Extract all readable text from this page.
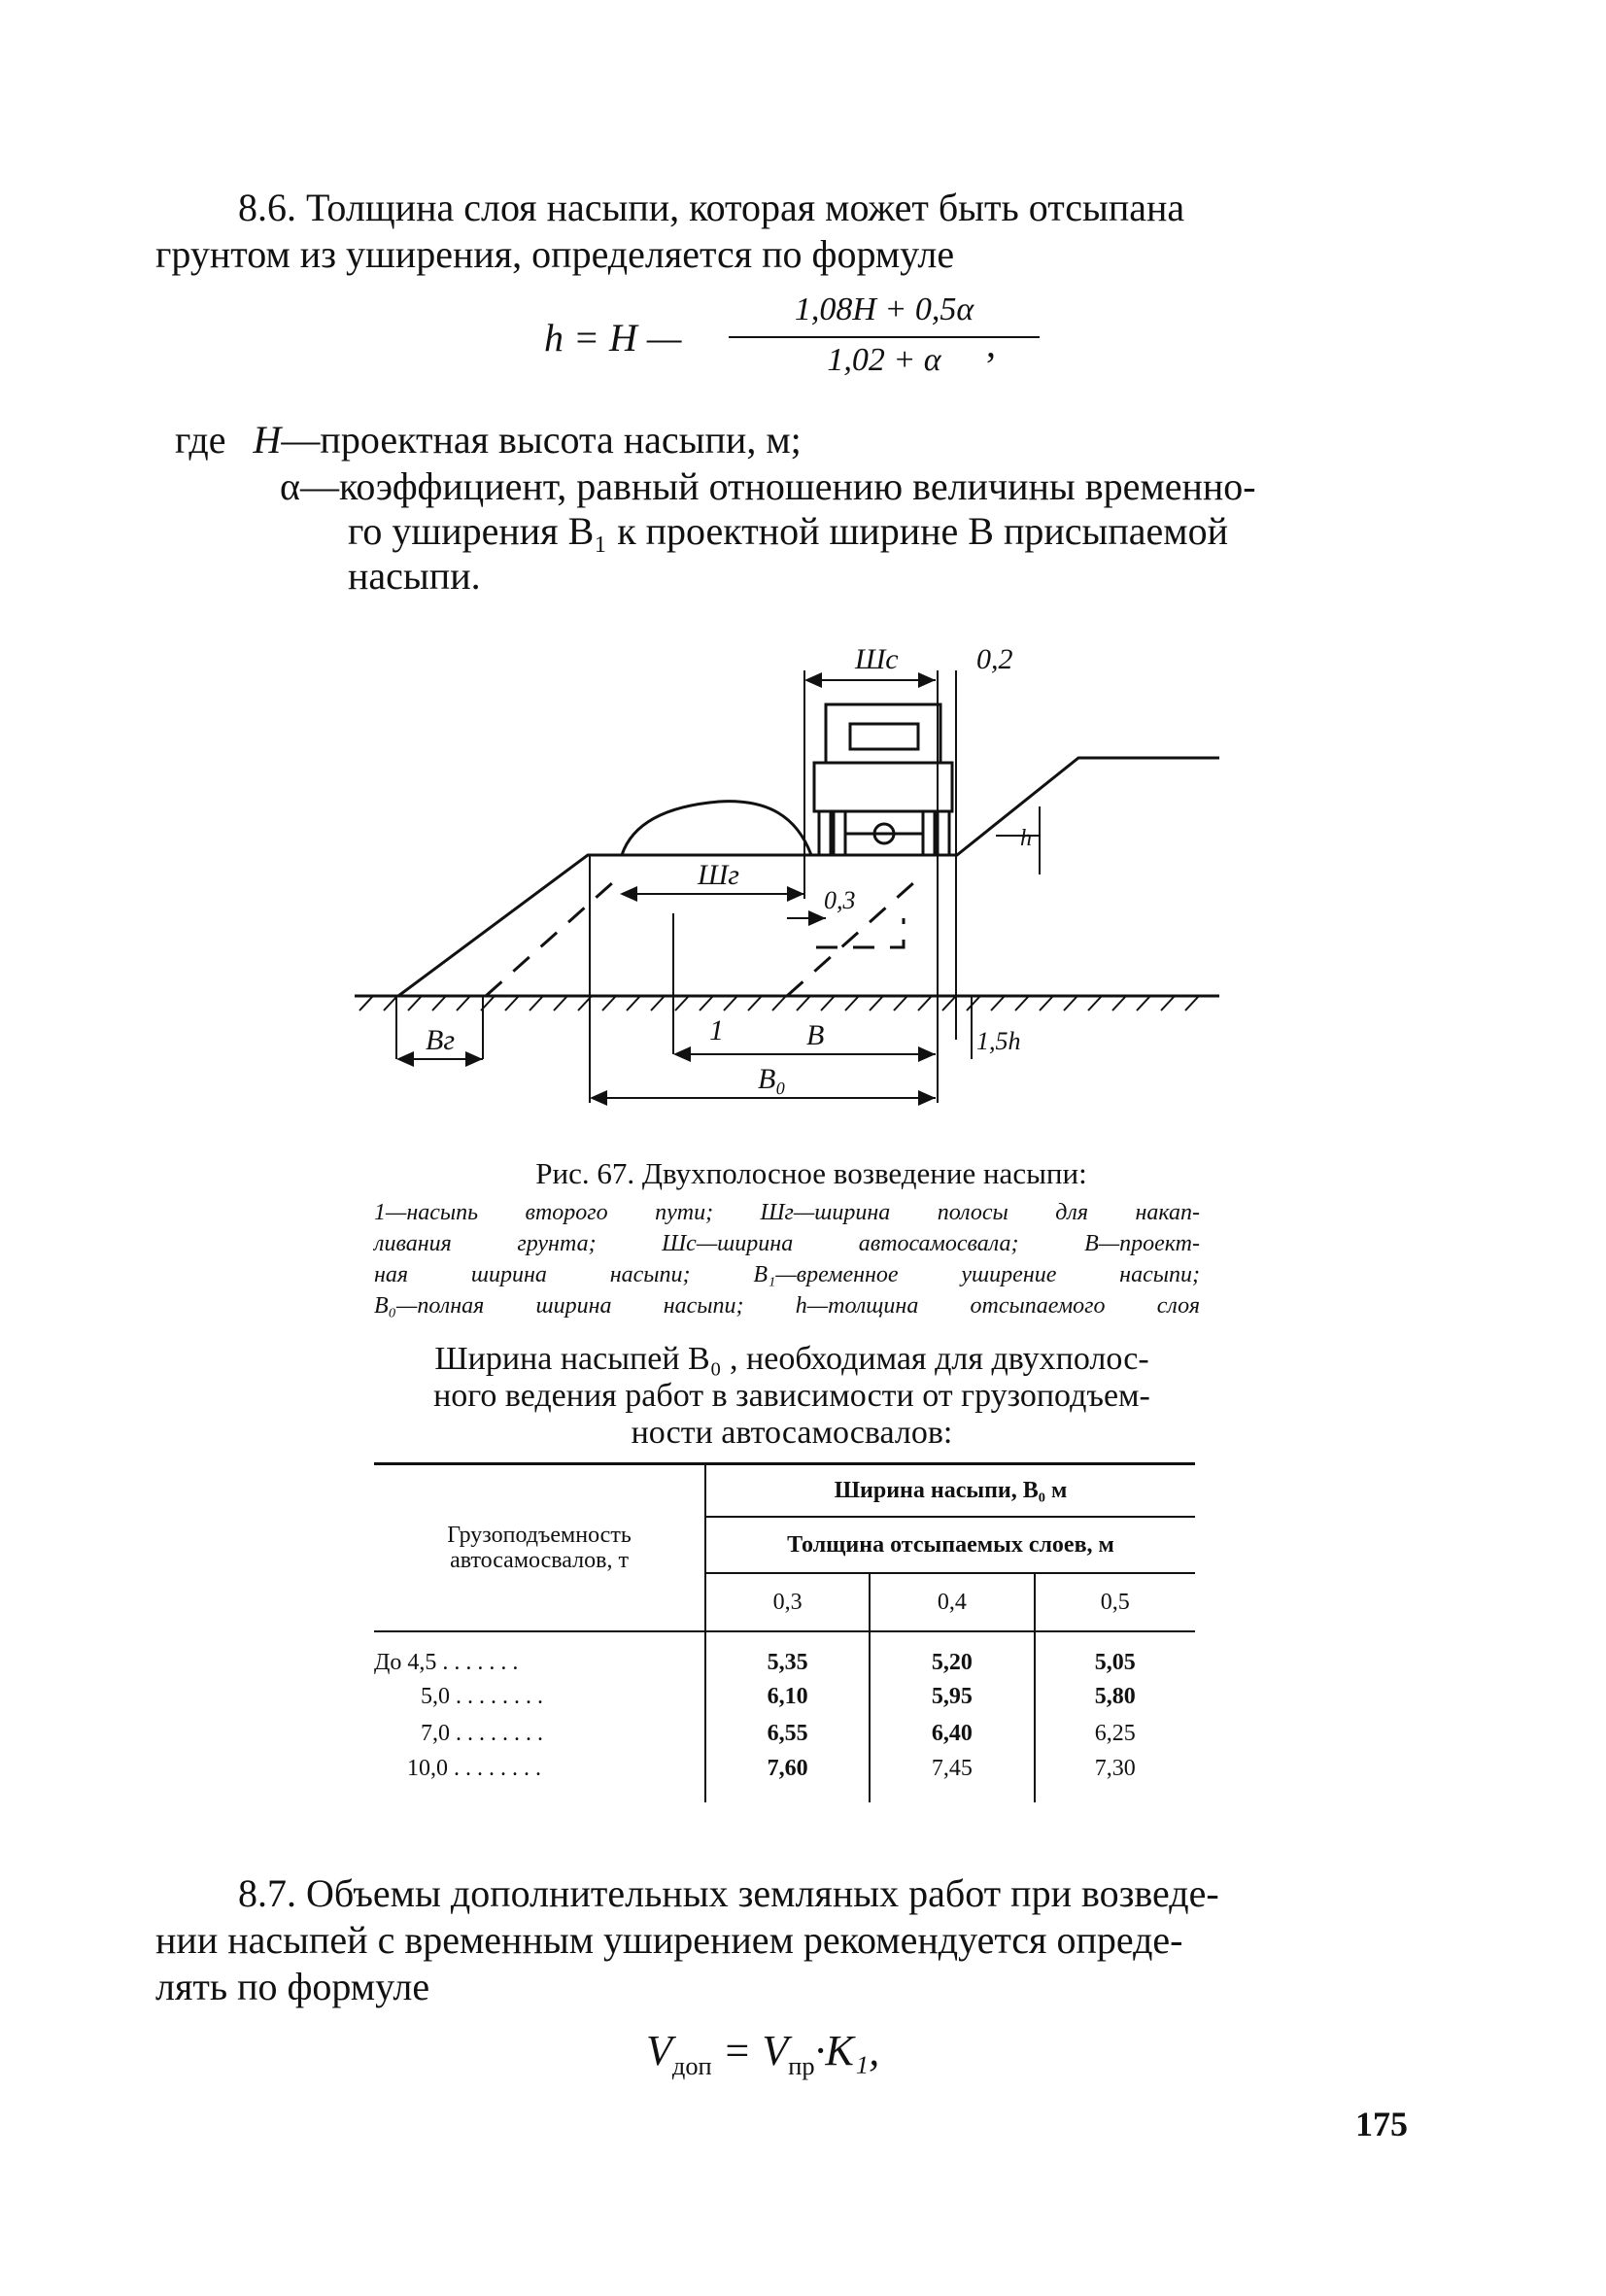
8.6. Толщина слоя насыпи, которая может быть отсыпана
грунтом из уширения, определяется по формуле
h = H — $\frac{1,08H + 0,5\alpha}{1,02 + \alpha}$
,
где H—проектная высота насыпи, м;
α—коэффициент, равный отношению величины временно-
го уширения B₁ к проектной ширине B присыпаемой
насыпи.
Шс	0,2
h
Шг
0,3
Bг	1	B	1,5h
B₀
Рис. 67. Двухполосное возведение насыпи:
1—насыпь второго пути; Шг—ширина полосы для накап-
ливания грунта; Шс—ширина автосамосвала; B—проект-
ная ширина насыпи; B₁—временное уширение насыпи;
B₀—полная ширина насыпи; h—толщина отсыпаемого слоя
Ширина насыпей B₀ , необходимая для двухполос-
ного ведения работ в зависимости от грузоподъем-
ности автосамосвалов:
Грузоподъемность автосамосвалов, т	Ширина насыпи, B₀ м		
	Толщина отсыпаемых слоев, м		
	0,3	0,4	0,5
До 4,5 . . . . . . .	5,35	5,20	5,05
5,0 . . . . . . . .	6,10	5,95	5,80
7,0 . . . . . . . .	6,55	6,40	6,25
10,0 . . . . . . . .	7,60	7,45	7,30
8.7. Объемы дополнительных земляных работ при возведе-
нии насыпей с временным уширением рекомендуется опреде-
лять по формуле
$V_{доп} = V_{пр}\cdot K_1$,
175
